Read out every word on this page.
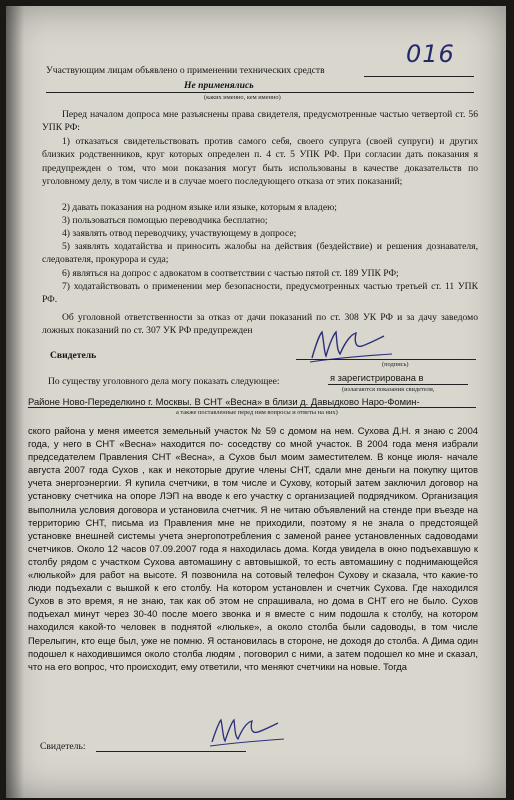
016
Участвующим лицам объявлено о применении технических средств
Не применялись
(каких именно, кем именно)
Перед началом допроса мне разъяснены права свидетеля, предусмотренные частью четвертой ст. 56 УПК РФ:
1) отказаться свидетельствовать против самого себя, своего супруга (своей супруги) и других близких родственников, круг которых определен п. 4 ст. 5 УПК РФ. При согласии дать показания я предупрежден о том, что мои показания могут быть использованы в качестве доказательств по уголовному делу, в том числе и в случае моего последующего отказа от этих показаний;
2) давать показания на родном языке или языке, которым я владею;
3) пользоваться помощью переводчика бесплатно;
4) заявлять отвод переводчику, участвующему в допросе;
5) заявлять ходатайства и приносить жалобы на действия (бездействие) и решения дознавателя, следователя, прокурора и суда;
6) являться на допрос с адвокатом в соответствии с частью пятой ст. 189 УПК РФ;
7) ходатайствовать о применении мер безопасности, предусмотренных частью третьей ст. 11 УПК РФ.
Об уголовной ответственности за отказ от дачи показаний по ст. 308 УК РФ и за дачу заведомо ложных показаний по ст. 307 УК РФ предупрежден
Свидетель
(подпись)
По существу уголовного дела могу показать следующее:	я зарегистрирована в
(излагаются показания свидетеля,
Районе Ново-Переделкино г. Москвы. В СНТ «Весна» в близи д. Давыдково Наро-Фомин-
а также поставленные перед ним вопросы и ответы на них)
ского района у меня имеется земельный участок № 59 с домом на нем. Сухова Д.Н. я знаю с 2004 года, у него в СНТ «Весна» находится по- соседству со мной участок. В 2004 года меня избрали председателем Правления СНТ «Весна», а Сухов был моим заместителем. В конце июля- начале августа 2007 года Сухов , как и некоторые другие члены СНТ, сдали мне деньги на покупку щитов учета энергоэнергии. Я купила счетчики, в том числе и Сухову, который затем заключил договор на установку счетчика на опоре ЛЭП на вводе к его участку с организацией подрядчиком. Организация выполнила условия договора и установила счетчик. Я не читаю объявлений на стенде при въезде на территорию СНТ, письма из Правления мне не приходили, поэтому я не знала о предстоящей установке внешней системы учета энергопотребления с заменой ранее установленных садоводами счетчиков. Около 12 часов 07.09.2007 года я находилась дома. Когда увидела в окно подъехавшую к столбу рядом с участком Сухова автомашину с автовышкой, то есть автомашину с поднимающейся «люлькой» для работ на высоте. Я позвонила на сотовый телефон Сухову и сказала, что какие-то люди подъехали с вышкой к его столбу. На котором установлен и счетчик Сухова. Где находился Сухов в это время, я не знаю, так как об этом не спрашивала, но дома в СНТ его не было. Сухов подъехал минут через 30-40 после моего звонка и я вместе с ним подошла к столбу, на котором находился какой-то человек в поднятой «люльке», а около столба были садоводы, в том числе Перелыгин, кто еще был, уже не помню. Я остановилась в стороне, не доходя до столба. А Дима один подошел к находившимся около столба людям , поговорил с ними, а затем подошел ко мне и сказал, что на его вопрос, что происходит, ему ответили, что меняют счетчики на новые. Тогда
Свидетель:
